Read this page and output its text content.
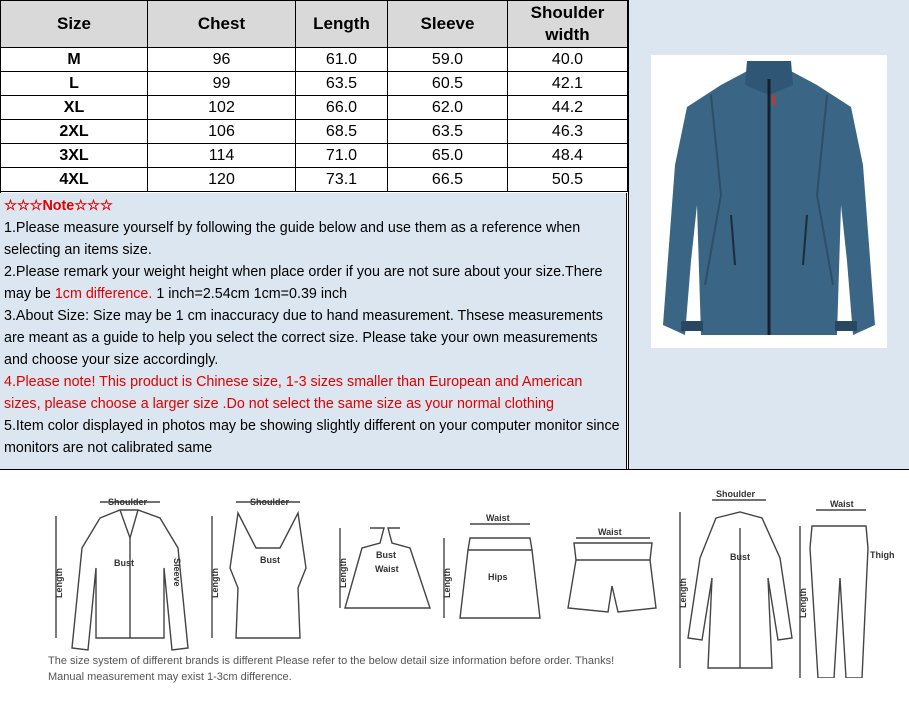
Size	Chest	Length	Sleeve	Shoulder width
M	96	61.0	59.0	40.0
L	99	63.5	60.5	42.1
XL	102	66.0	62.0	44.2
2XL	106	68.5	63.5	46.3
3XL	114	71.0	65.0	48.4
4XL	120	73.1	66.5	50.5

☆☆☆Note☆☆☆

1.Please measure yourself by following the guide below and use them as a reference when selecting an items size.

2.Please remark your weight height when place order if you are not sure about your size.There may be 1cm difference. 1 inch=2.54cm 1cm=0.39 inch

3.About Size: Size may be 1 cm inaccuracy due to hand measurement. Thsese measurements are meant as a guide to help you select the correct size. Please take your own measurements and choose your size accordingly.

4.Please note! This product is Chinese size, 1-3 sizes smaller than European and American sizes, please choose a larger size .Do not select the same size as your normal clothing

5.Item color displayed in photos may be showing slightly different on your computer monitor since monitors are not calibrated same

Shoulder
Bust	Sleeve
Length
Shoulder
Bust
Length
Bust
Waist
Length
Waist
Hips
Length
Waist
Shoulder
Bust
Length
Waist
Thigh
Length
The size system of different brands is different Please refer to the below detail size information before order. Thanks!
Manual measurement may exist 1-3cm difference.
